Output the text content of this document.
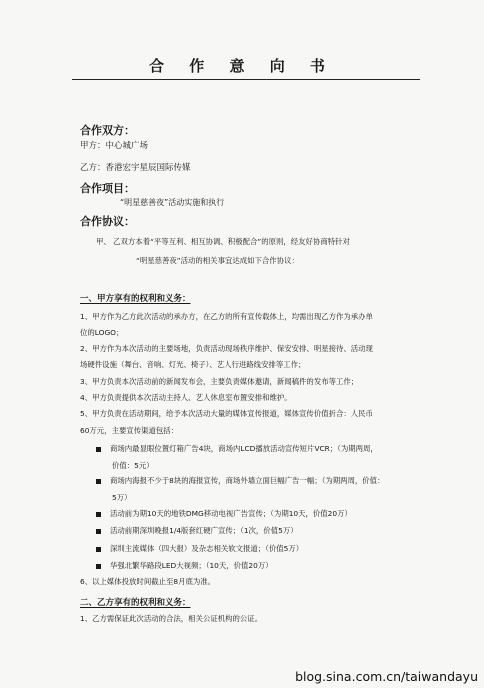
合 作 意 向 书
合作双方：
甲方：中心城广场
乙方：香港宏宇星辰国际传媒
合作项目：
“明星慈善夜”活动实施和执行
合作协议：
甲、 乙双方本着“平等互利、相互协调、积极配合”的原则，经友好协商特针对
“明星慈善夜”活动的相关事宜达成如下合作协议：
一、甲方享有的权利和义务：
1、甲方作为乙方此次活动的承办方，在乙方的所有宣传载体上，均需出现乙方作为承办单
位的LOGO；
2、甲方作为本次活动的主要场地，负责活动现场秩序维护、保安安排、明星接待、活动现
场硬件设施（舞台、音响、灯光、椅子）、艺人行进路线安排等工作；
3、甲方负责本次活动前的新闻发布会，主要负责媒体邀请，新闻稿件的发布等工作；
4、甲方负责提供本次活动主持人、艺人休息室布置安排和维护。
5、甲方负责在活动期间，给予本次活动大量的媒体宣传报道，媒体宣传价值折合：人民币
60万元，主要宣传渠道包括：
商场内最显眼位置灯箱广告4块，商场内LCD播放活动宣传短片VCR；（为期两周，
价值：5元）
商场内海报不少于8块的海报宣传，商场外墙立面巨幅广告一幅；（为期两周，价值：
5万）
活动前为期10天的地铁DMG移动电视广告宣传；（为期10天，价值20万）
活动前期深圳晚报1/4版套红硬广宣传；（1次，价值5万）
深圳主流媒体（四大报）及杂志相关软文报道；（价值5万）
华强北繁华路段LED大视频；（10天，价值20万）
6、以上媒体投放时间截止至8月底为准。
二、乙方享有的权利和义务：
1、乙方需保证此次活动的合法，相关公证机构的公证。
blog.sina.com.cn/taiwandayu
